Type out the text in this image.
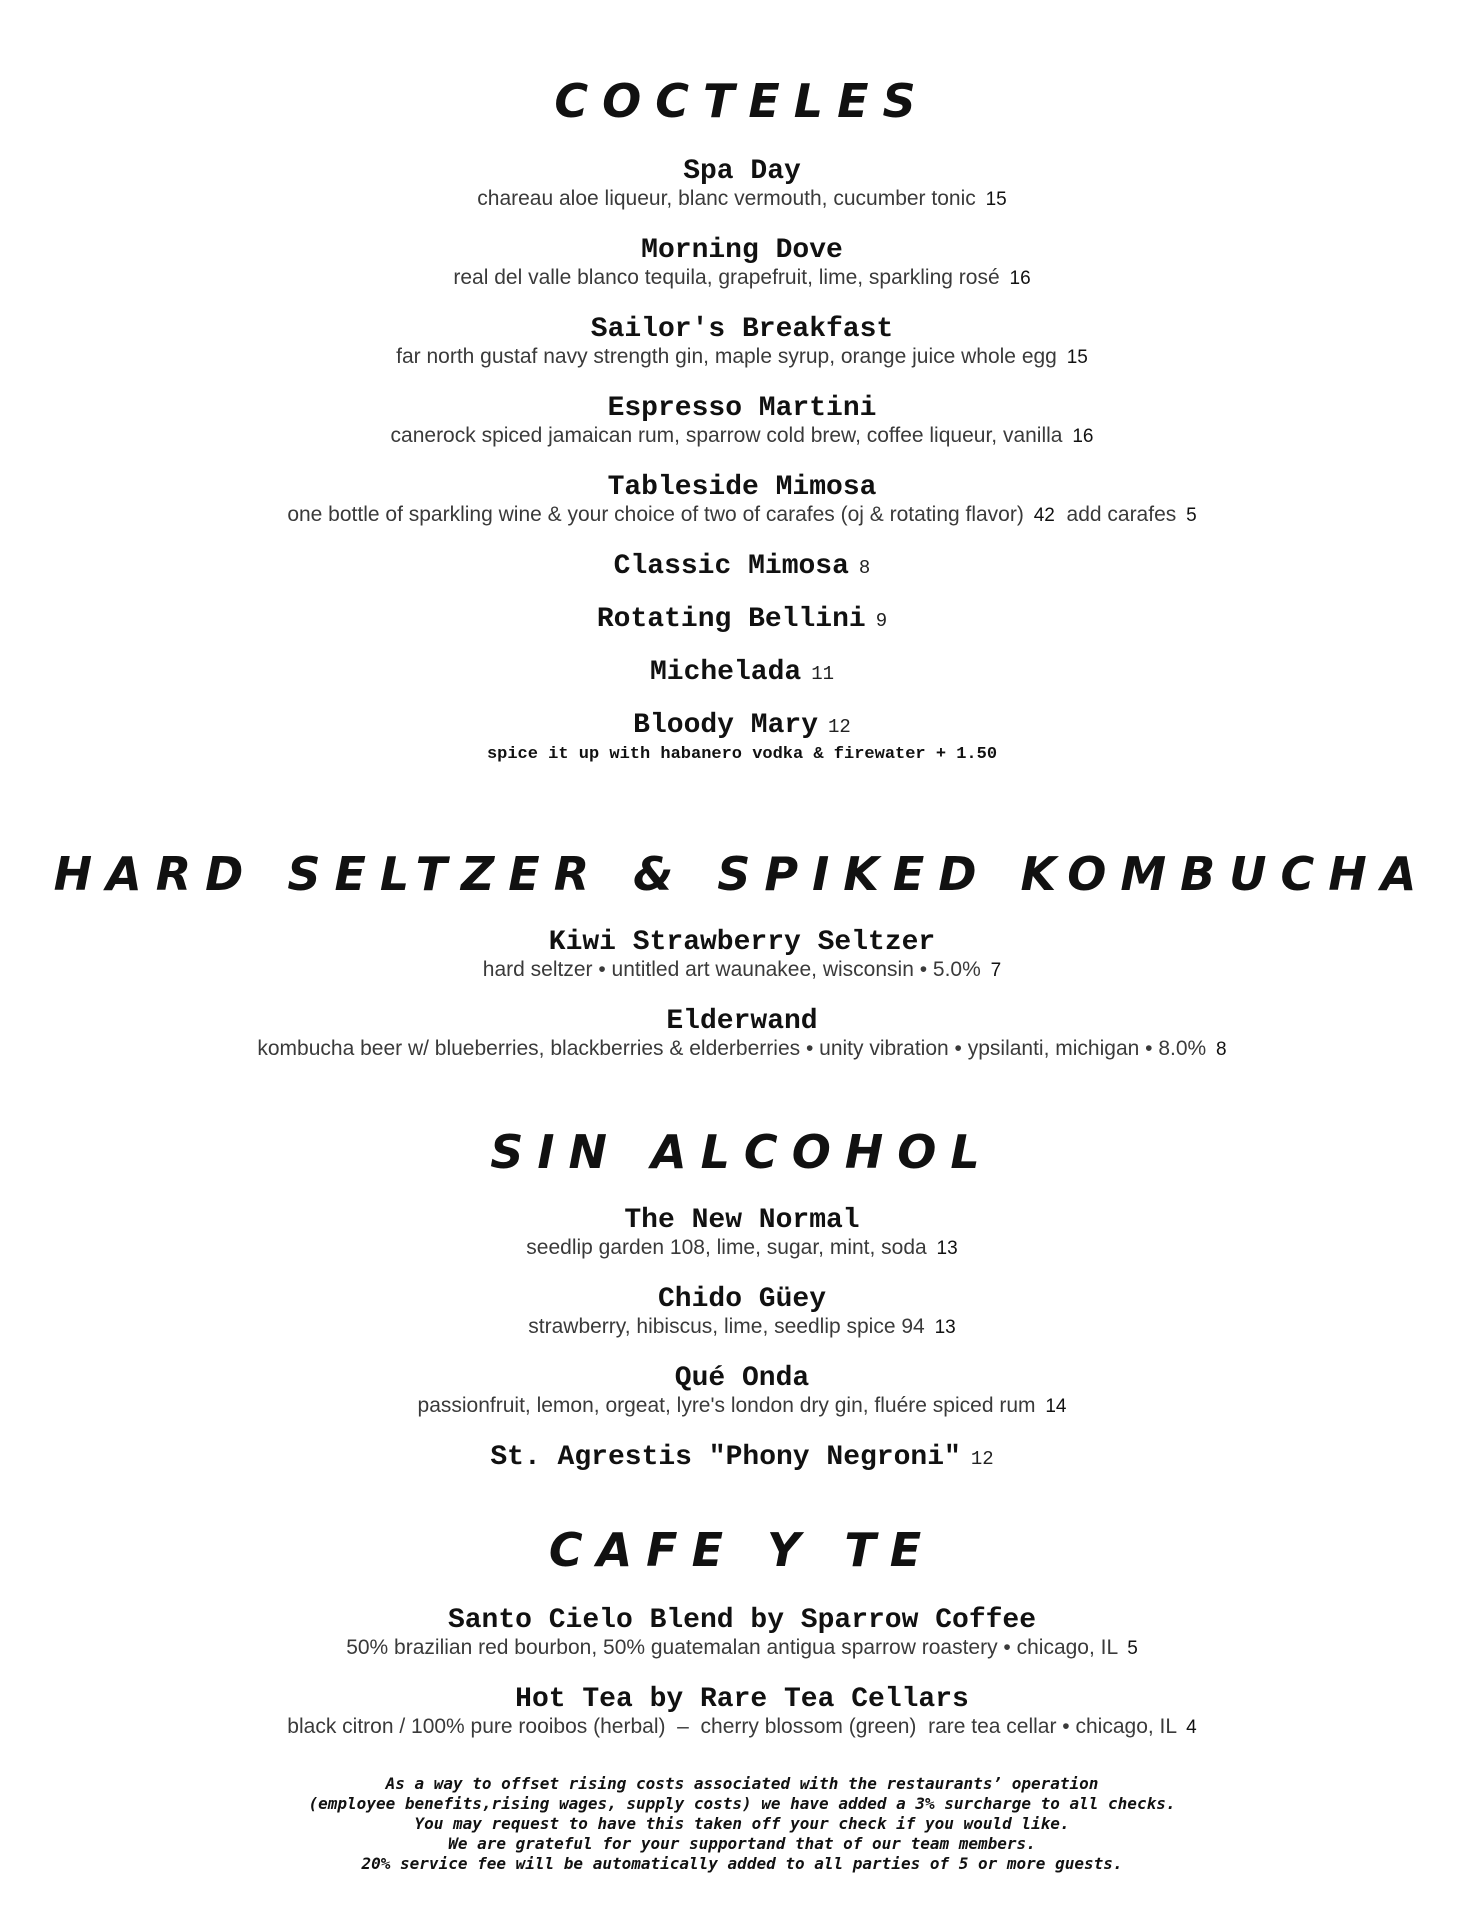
COCTELES
Spa Day
chareau aloe liqueur, blanc vermouth, cucumber tonic 15
Morning Dove
real del valle blanco tequila, grapefruit, lime, sparkling rosé 16
Sailor's Breakfast
far north gustaf navy strength gin, maple syrup, orange juice whole egg 15
Espresso Martini
canerock spiced jamaican rum, sparrow cold brew, coffee liqueur, vanilla 16
Tableside Mimosa
one bottle of sparkling wine & your choice of two of carafes (oj & rotating flavor) 42 add carafes 5
Classic Mimosa 8
Rotating Bellini 9
Michelada 11
Bloody Mary 12
spice it up with habanero vodka & firewater + 1.50
HARD SELTZER & SPIKED KOMBUCHA
Kiwi Strawberry Seltzer
hard seltzer • untitled art waunakee, wisconsin • 5.0% 7
Elderwand
kombucha beer w/ blueberries, blackberries & elderberries • unity vibration • ypsilanti, michigan • 8.0% 8
SIN ALCOHOL
The New Normal
seedlip garden 108, lime, sugar, mint, soda 13
Chido Güey
strawberry, hibiscus, lime, seedlip spice 94 13
Qué Onda
passionfruit, lemon, orgeat, lyre's london dry gin, fluére spiced rum 14
St. Agrestis "Phony Negroni" 12
CAFE Y TE
Santo Cielo Blend by Sparrow Coffee
50% brazilian red bourbon, 50% guatemalan antigua sparrow roastery • chicago, IL 5
Hot Tea by Rare Tea Cellars
black citron / 100% pure rooibos (herbal)  –  cherry blossom (green)  rare tea cellar • chicago, IL 4
As a way to offset rising costs associated with the restaurants’ operation
(employee benefits,rising wages, supply costs) we have added a 3% surcharge to all checks.
You may request to have this taken off your check if you would like.
We are grateful for your supportand that of our team members.
20% service fee will be automatically added to all parties of 5 or more guests.
